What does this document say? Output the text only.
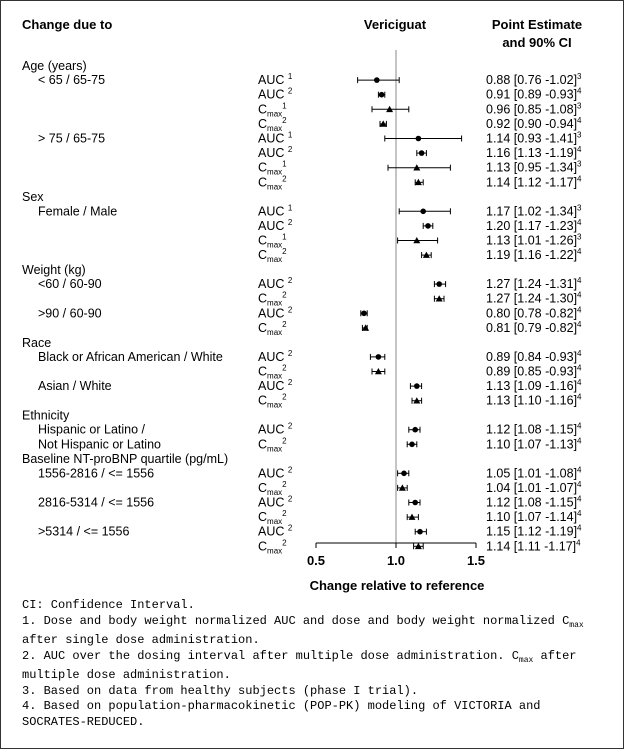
Change due to	Vericiguat	Point Estimate
and 90% CI
0.5	1.0	1.5
Age (years)
< 65 / 65-75	AUC $^1$	0.88 [0.76 -1.02]$^3$
AUC $^2$	0.91 [0.89 -0.93]$^4$
$C_{max}^1$	0.96 [0.85 -1.08]$^3$
$C_{max}^2$	0.92 [0.90 -0.94]$^4$
> 75 / 65-75	AUC $^1$	1.14 [0.93 -1.41]$^3$
AUC $^2$	1.16 [1.13 -1.19]$^4$
$C_{max}^1$	1.13 [0.95 -1.34]$^3$
$C_{max}^2$	1.14 [1.12 -1.17]$^4$
Sex
Female / Male	AUC $^1$	1.17 [1.02 -1.34]$^3$
AUC $^2$	1.20 [1.17 -1.23]$^4$
$C_{max}^1$	1.13 [1.01 -1.26]$^3$
$C_{max}^2$	1.19 [1.16 -1.22]$^4$
Weight (kg)
<60 / 60-90	AUC $^2$	1.27 [1.24 -1.31]$^4$
$C_{max}^2$	1.27 [1.24 -1.30]$^4$
>90 / 60-90	AUC $^2$	0.80 [0.78 -0.82]$^4$
$C_{max}^2$	0.81 [0.79 -0.82]$^4$
Race
Black or African American / White	AUC $^2$	0.89 [0.84 -0.93]$^4$
$C_{max}^2$	0.89 [0.85 -0.93]$^4$
Asian / White	AUC $^2$	1.13 [1.09 -1.16]$^4$
$C_{max}^2$	1.13 [1.10 -1.16]$^4$
Ethnicity
Hispanic or Latino /
Not Hispanic or Latino
AUC $^2$	1.12 [1.08 -1.15]$^4$
$C_{max}^2$	1.10 [1.07 -1.13]$^4$
Baseline NT-proBNP quartile (pg/mL)
1556-2816 / <= 1556	AUC $^2$	1.05 [1.01 -1.08]$^4$
$C_{max}^2$	1.04 [1.01 -1.07]$^4$
2816-5314 / <= 1556	AUC $^2$	1.12 [1.08 -1.15]$^4$
$C_{max}^2$	1.10 [1.07 -1.14]$^4$
>5314 / <= 1556	AUC $^2$	1.15 [1.12 -1.19]$^4$
$C_{max}^2$	1.14 [1.11 -1.17]$^4$
Change relative to reference
CI: Confidence Interval.
1. Dose and body weight normalized AUC and dose and body weight normalized $C_{max}$ after single dose administration.
2. AUC over the dosing interval after multiple dose administration. $C_{max}$ after multiple dose administration.
3. Based on data from healthy subjects (phase I trial).
4. Based on population-pharmacokinetic (POP-PK) modeling of VICTORIA and SOCRATES-REDUCED.
